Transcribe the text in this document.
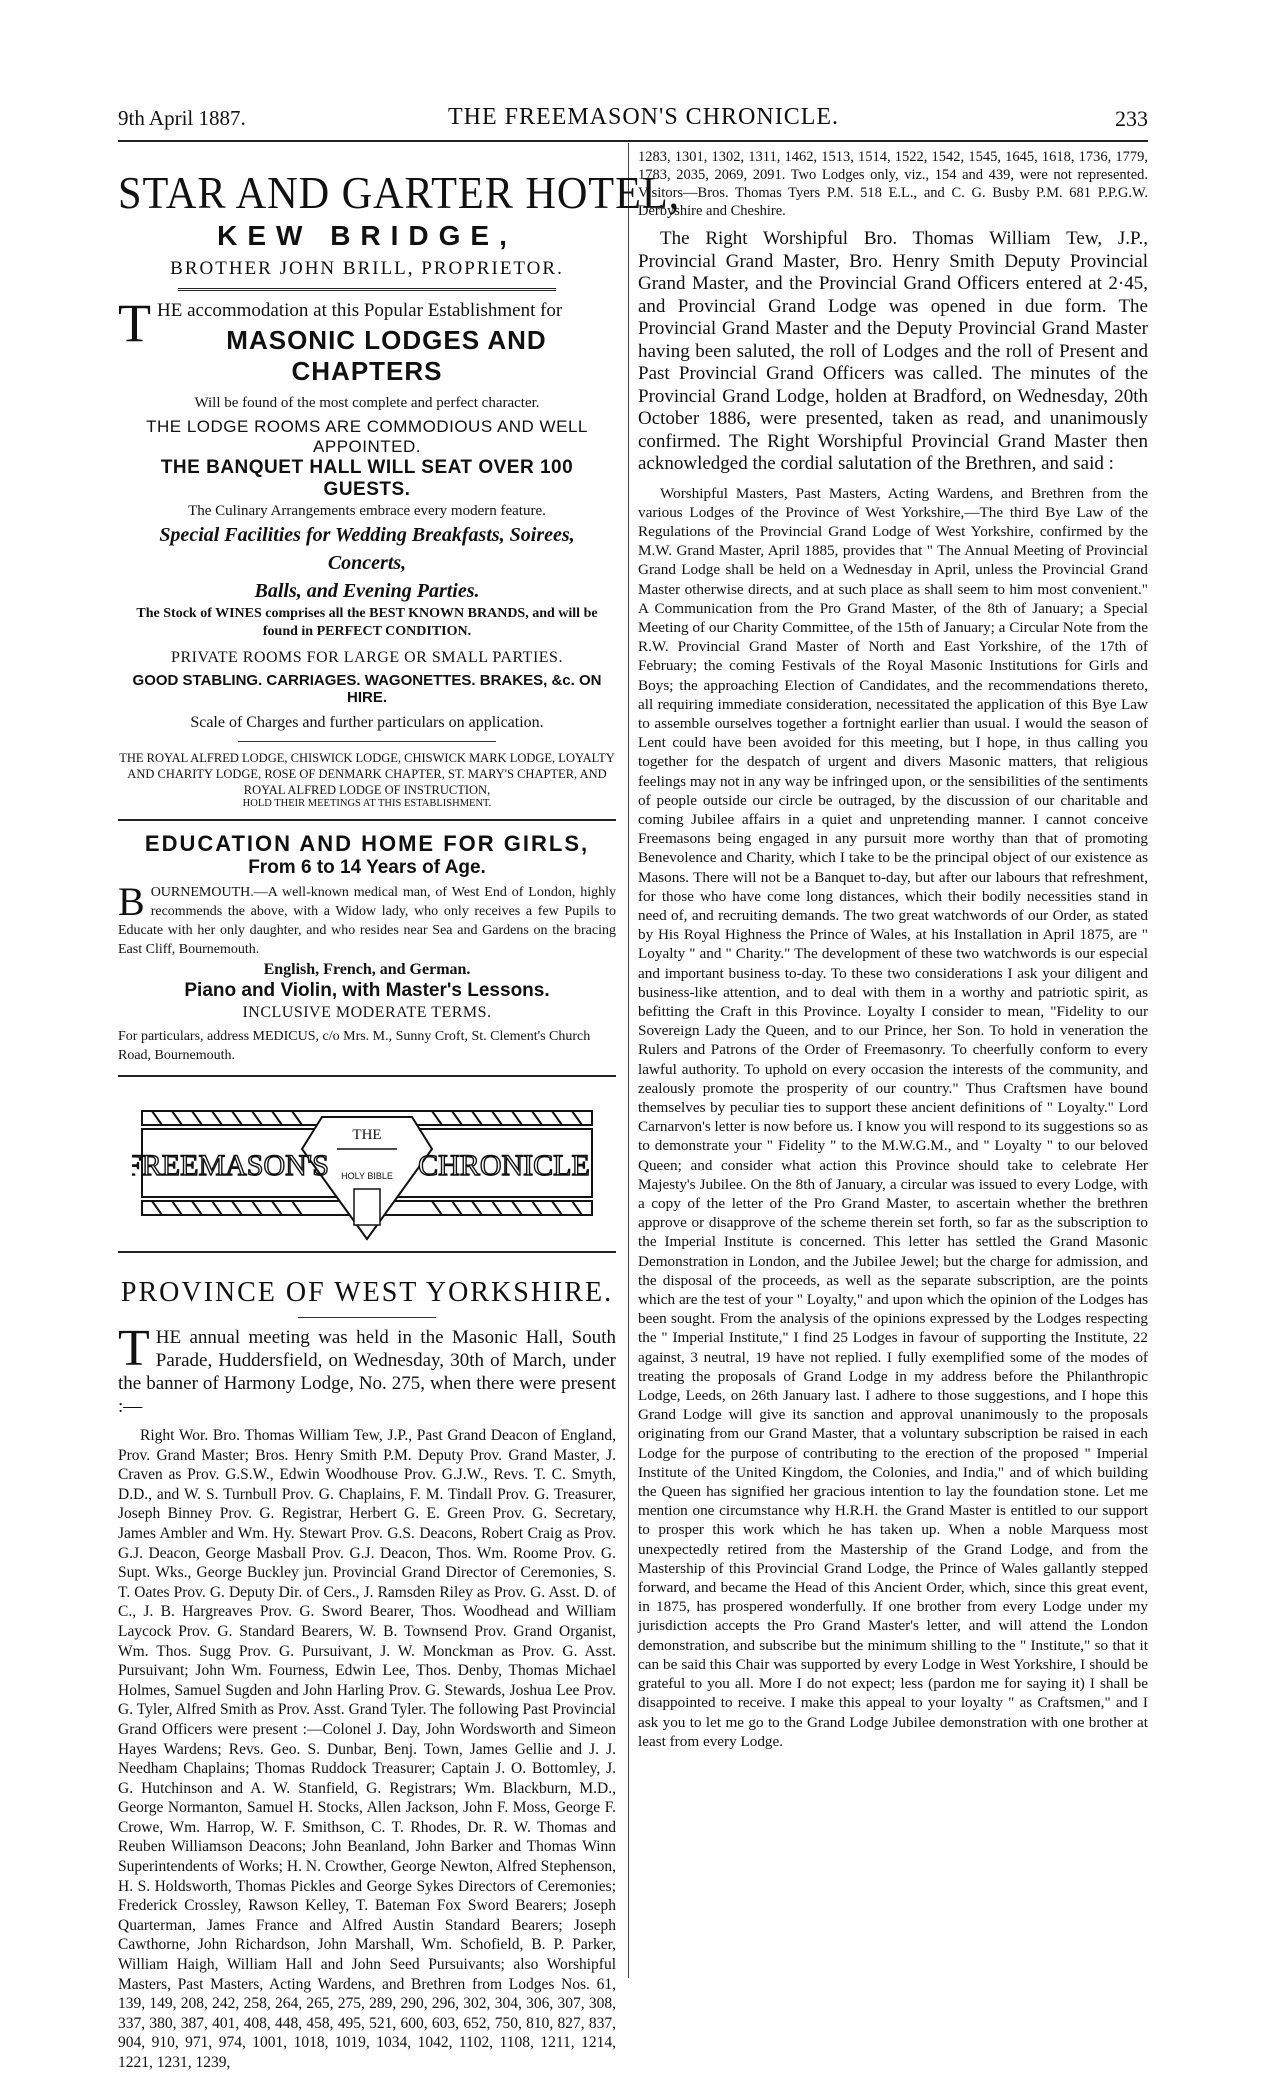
9th April 1887.	THE FREEMASON'S CHRONICLE.	233
STAR AND GARTER HOTEL,
KEW BRIDGE,
BROTHER JOHN BRILL, PROPRIETOR.
T HE accommodation at this Popular Establishment for
MASONIC LODGES AND CHAPTERS
Will be found of the most complete and perfect character.
THE LODGE ROOMS ARE COMMODIOUS AND WELL APPOINTED.
THE BANQUET HALL WILL SEAT OVER 100 GUESTS.
The Culinary Arrangements embrace every modern feature.
Special Facilities for Wedding Breakfasts, Soirees, Concerts,
Balls, and Evening Parties.
The Stock of WINES comprises all the BEST KNOWN BRANDS, and will be found in PERFECT CONDITION.
PRIVATE ROOMS FOR LARGE OR SMALL PARTIES.
GOOD STABLING. CARRIAGES. WAGONETTES. BRAKES, &c. ON HIRE.
Scale of Charges and further particulars on application.
THE ROYAL ALFRED LODGE, CHISWICK LODGE, CHISWICK MARK LODGE, LOYALTY AND CHARITY LODGE, ROSE OF DENMARK CHAPTER, ST. MARY'S CHAPTER, AND ROYAL ALFRED LODGE OF INSTRUCTION,
HOLD THEIR MEETINGS AT THIS ESTABLISHMENT.
EDUCATION AND HOME FOR GIRLS,
From 6 to 14 Years of Age.
B OURNEMOUTH.—A well-known medical man, of West End of London, highly recommends the above, with a Widow lady, who only receives a few Pupils to Educate with her only daughter, and who resides near Sea and Gardens on the bracing East Cliff, Bournemouth.
English, French, and German.
Piano and Violin, with Master's Lessons.
INCLUSIVE MODERATE TERMS.
For particulars, address MEDICUS, c/o Mrs. M., Sunny Croft, St. Clement's Church Road, Bournemouth.
THE
FREEMASON'S	CHRONICLE
HOLY BIBLE
PROVINCE OF WEST YORKSHIRE.
T HE annual meeting was held in the Masonic Hall, South Parade, Huddersfield, on Wednesday, 30th of March, under the banner of Harmony Lodge, No. 275, when there were present :—
Right Wor. Bro. Thomas William Tew, J.P., Past Grand Deacon of England, Prov. Grand Master; Bros. Henry Smith P.M. Deputy Prov. Grand Master, J. Craven as Prov. G.S.W., Edwin Woodhouse Prov. G.J.W., Revs. T. C. Smyth, D.D., and W. S. Turnbull Prov. G. Chaplains, F. M. Tindall Prov. G. Treasurer, Joseph Binney Prov. G. Registrar, Herbert G. E. Green Prov. G. Secretary, James Ambler and Wm. Hy. Stewart Prov. G.S. Deacons, Robert Craig as Prov. G.J. Deacon, George Masball Prov. G.J. Deacon, Thos. Wm. Roome Prov. G. Supt. Wks., George Buckley jun. Provincial Grand Director of Ceremonies, S. T. Oates Prov. G. Deputy Dir. of Cers., J. Ramsden Riley as Prov. G. Asst. D. of C., J. B. Hargreaves Prov. G. Sword Bearer, Thos. Woodhead and William Laycock Prov. G. Standard Bearers, W. B. Townsend Prov. Grand Organist, Wm. Thos. Sugg Prov. G. Pursuivant, J. W. Monckman as Prov. G. Asst. Pursuivant; John Wm. Fourness, Edwin Lee, Thos. Denby, Thomas Michael Holmes, Samuel Sugden and John Harling Prov. G. Stewards, Joshua Lee Prov. G. Tyler, Alfred Smith as Prov. Asst. Grand Tyler. The following Past Provincial Grand Officers were present :—Colonel J. Day, John Wordsworth and Simeon Hayes Wardens; Revs. Geo. S. Dunbar, Benj. Town, James Gellie and J. J. Needham Chaplains; Thomas Ruddock Treasurer; Captain J. O. Bottomley, J. G. Hutchinson and A. W. Stanfield, G. Registrars; Wm. Blackburn, M.D., George Normanton, Samuel H. Stocks, Allen Jackson, John F. Moss, George F. Crowe, Wm. Harrop, W. F. Smithson, C. T. Rhodes, Dr. R. W. Thomas and Reuben Williamson Deacons; John Beanland, John Barker and Thomas Winn Superintendents of Works; H. N. Crowther, George Newton, Alfred Stephenson, H. S. Holdsworth, Thomas Pickles and George Sykes Directors of Ceremonies; Frederick Crossley, Rawson Kelley, T. Bateman Fox Sword Bearers; Joseph Quarterman, James France and Alfred Austin Standard Bearers; Joseph Cawthorne, John Richardson, John Marshall, Wm. Schofield, B. P. Parker, William Haigh, William Hall and John Seed Pursuivants; also Worshipful Masters, Past Masters, Acting Wardens, and Brethren from Lodges Nos. 61, 139, 149, 208, 242, 258, 264, 265, 275, 289, 290, 296, 302, 304, 306, 307, 308, 337, 380, 387, 401, 408, 448, 458, 495, 521, 600, 603, 652, 750, 810, 827, 837, 904, 910, 971, 974, 1001, 1018, 1019, 1034, 1042, 1102, 1108, 1211, 1214, 1221, 1231, 1239,
1283, 1301, 1302, 1311, 1462, 1513, 1514, 1522, 1542, 1545, 1645, 1618, 1736, 1779, 1783, 2035, 2069, 2091. Two Lodges only, viz., 154 and 439, were not represented. Visitors—Bros. Thomas Tyers P.M. 518 E.L., and C. G. Busby P.M. 681 P.P.G.W. Derbyshire and Cheshire.
The Right Worshipful Bro. Thomas William Tew, J.P., Provincial Grand Master, Bro. Henry Smith Deputy Provincial Grand Master, and the Provincial Grand Officers entered at 2·45, and Provincial Grand Lodge was opened in due form. The Provincial Grand Master and the Deputy Provincial Grand Master having been saluted, the roll of Lodges and the roll of Present and Past Provincial Grand Officers was called. The minutes of the Provincial Grand Lodge, holden at Bradford, on Wednesday, 20th October 1886, were presented, taken as read, and unanimously confirmed. The Right Worshipful Provincial Grand Master then acknowledged the cordial salutation of the Brethren, and said :
Worshipful Masters, Past Masters, Acting Wardens, and Brethren from the various Lodges of the Province of West Yorkshire,—The third Bye Law of the Regulations of the Provincial Grand Lodge of West Yorkshire, confirmed by the M.W. Grand Master, April 1885, provides that " The Annual Meeting of Provincial Grand Lodge shall be held on a Wednesday in April, unless the Provincial Grand Master otherwise directs, and at such place as shall seem to him most convenient." A Communication from the Pro Grand Master, of the 8th of January; a Special Meeting of our Charity Committee, of the 15th of January; a Circular Note from the R.W. Provincial Grand Master of North and East Yorkshire, of the 17th of February; the coming Festivals of the Royal Masonic Institutions for Girls and Boys; the approaching Election of Candidates, and the recommendations thereto, all requiring immediate consideration, necessitated the application of this Bye Law to assemble ourselves together a fortnight earlier than usual. I would the season of Lent could have been avoided for this meeting, but I hope, in thus calling you together for the despatch of urgent and divers Masonic matters, that religious feelings may not in any way be infringed upon, or the sensibilities of the sentiments of people outside our circle be outraged, by the discussion of our charitable and coming Jubilee affairs in a quiet and unpretending manner. I cannot conceive Freemasons being engaged in any pursuit more worthy than that of promoting Benevolence and Charity, which I take to be the principal object of our existence as Masons. There will not be a Banquet to-day, but after our labours that refreshment, for those who have come long distances, which their bodily necessities stand in need of, and recruiting demands. The two great watchwords of our Order, as stated by His Royal Highness the Prince of Wales, at his Installation in April 1875, are " Loyalty " and " Charity." The development of these two watchwords is our especial and important business to-day. To these two considerations I ask your diligent and business-like attention, and to deal with them in a worthy and patriotic spirit, as befitting the Craft in this Province. Loyalty I consider to mean, "Fidelity to our Sovereign Lady the Queen, and to our Prince, her Son. To hold in veneration the Rulers and Patrons of the Order of Freemasonry. To cheerfully conform to every lawful authority. To uphold on every occasion the interests of the community, and zealously promote the prosperity of our country." Thus Craftsmen have bound themselves by peculiar ties to support these ancient definitions of " Loyalty." Lord Carnarvon's letter is now before us. I know you will respond to its suggestions so as to demonstrate your " Fidelity " to the M.W.G.M., and " Loyalty " to our beloved Queen; and consider what action this Province should take to celebrate Her Majesty's Jubilee. On the 8th of January, a circular was issued to every Lodge, with a copy of the letter of the Pro Grand Master, to ascertain whether the brethren approve or disapprove of the scheme therein set forth, so far as the subscription to the Imperial Institute is concerned. This letter has settled the Grand Masonic Demonstration in London, and the Jubilee Jewel; but the charge for admission, and the disposal of the proceeds, as well as the separate subscription, are the points which are the test of your " Loyalty," and upon which the opinion of the Lodges has been sought. From the analysis of the opinions expressed by the Lodges respecting the " Imperial Institute," I find 25 Lodges in favour of supporting the Institute, 22 against, 3 neutral, 19 have not replied. I fully exemplified some of the modes of treating the proposals of Grand Lodge in my address before the Philanthropic Lodge, Leeds, on 26th January last. I adhere to those suggestions, and I hope this Grand Lodge will give its sanction and approval unanimously to the proposals originating from our Grand Master, that a voluntary subscription be raised in each Lodge for the purpose of contributing to the erection of the proposed " Imperial Institute of the United Kingdom, the Colonies, and India," and of which building the Queen has signified her gracious intention to lay the foundation stone. Let me mention one circumstance why H.R.H. the Grand Master is entitled to our support to prosper this work which he has taken up. When a noble Marquess most unexpectedly retired from the Mastership of the Grand Lodge, and from the Mastership of this Provincial Grand Lodge, the Prince of Wales gallantly stepped forward, and became the Head of this Ancient Order, which, since this great event, in 1875, has prospered wonderfully. If one brother from every Lodge under my jurisdiction accepts the Pro Grand Master's letter, and will attend the London demonstration, and subscribe but the minimum shilling to the " Institute," so that it can be said this Chair was supported by every Lodge in West Yorkshire, I should be grateful to you all. More I do not expect; less (pardon me for saying it) I shall be disappointed to receive. I make this appeal to your loyalty " as Craftsmen," and I ask you to let me go to the Grand Lodge Jubilee demonstration with one brother at least from every Lodge.
